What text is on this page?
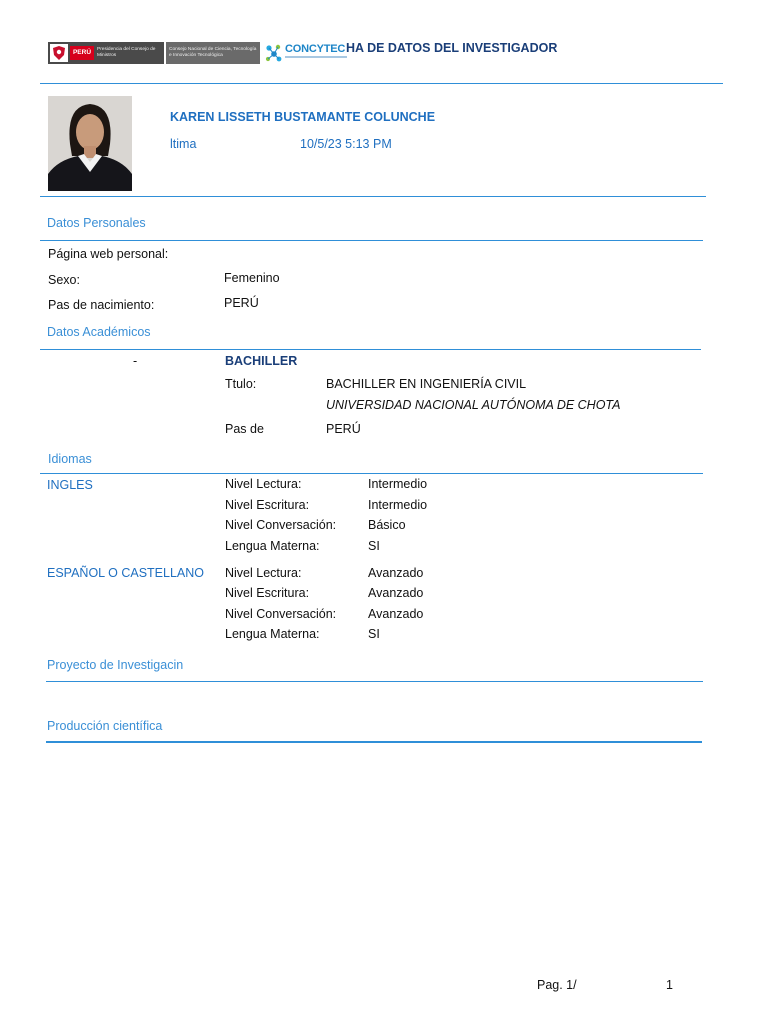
PERÚ	Presidencia del Consejo de Ministros
Consejo Nacional de Ciencia, Tecnología e Innovación Tecnológica
CONCYTEC HA DE DATOS DEL INVESTIGADOR
KAREN LISSETH BUSTAMANTE COLUNCHE
ltima	10/5/23 5:13 PM
Datos Personales
Página web personal:
Sexo:	Femenino
Pas de nacimiento:	PERÚ
Datos Académicos
-	BACHILLER
Ttulo:	BACHILLER EN INGENIERÍA CIVIL
UNIVERSIDAD NACIONAL AUTÓNOMA DE CHOTA
Pas de	PERÚ
Idiomas
INGLES	Nivel Lectura:	Intermedio
Nivel Escritura:	Intermedio
Nivel Conversación:	Básico
Lengua Materna:	SI
ESPAÑOL O CASTELLANO Nivel Lectura:	Avanzado
Nivel Escritura:	Avanzado
Nivel Conversación:	Avanzado
Lengua Materna:	SI
Proyecto de Investigacin
Producción científica
Pag. 1/	1
